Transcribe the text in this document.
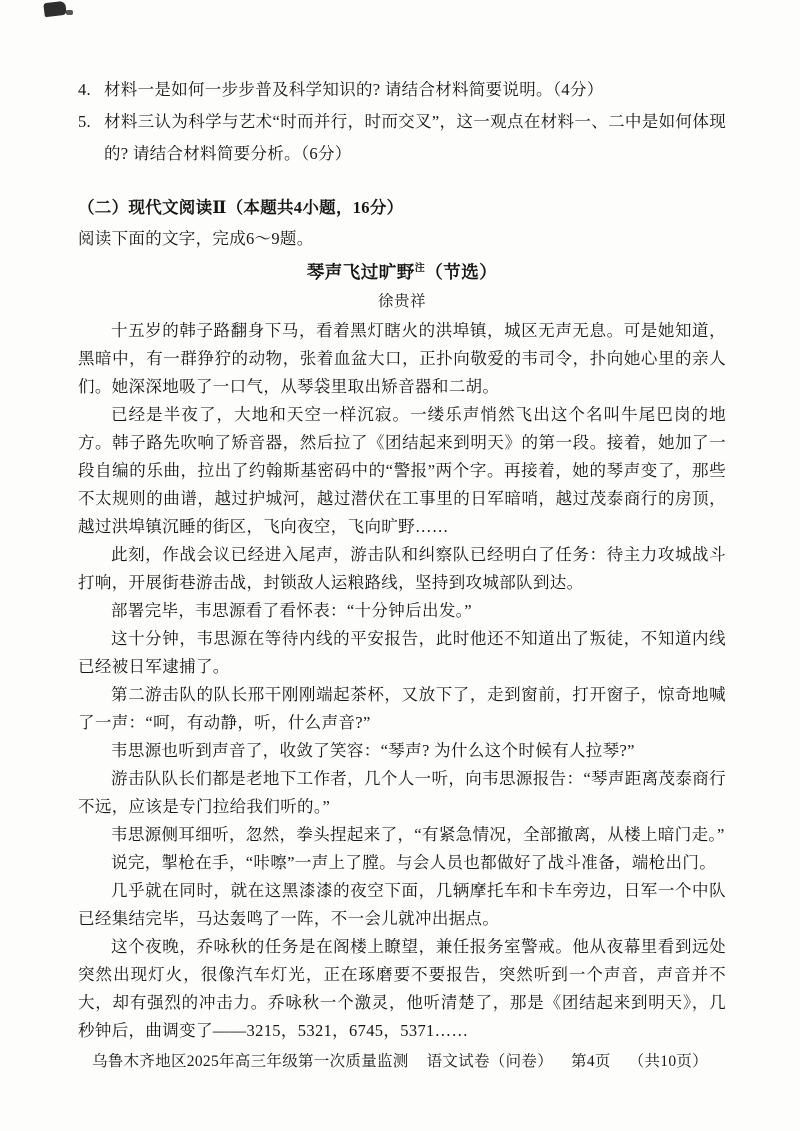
4. 材料一是如何一步步普及科学知识的? 请结合材料简要说明。（4分）
5. 材料三认为科学与艺术“时而并行，时而交叉”，这一观点在材料一、二中是如何体现的? 请结合材料简要分析。（6分）
（二）现代文阅读Ⅱ（本题共4小题，16分）
阅读下面的文字，完成6～9题。
琴声飞过旷野$^注$（节选）
徐贵祥

十五岁的韩子路翻身下马，看着黑灯瞎火的洪埠镇，城区无声无息。可是她知道，黑暗中，有一群狰狞的动物，张着血盆大口，正扑向敬爱的韦司令，扑向她心里的亲人们。她深深地吸了一口气，从琴袋里取出矫音器和二胡。

已经是半夜了，大地和天空一样沉寂。一缕乐声悄然飞出这个名叫牛尾巴岗的地方。韩子路先吹响了矫音器，然后拉了《团结起来到明天》的第一段。接着，她加了一段自编的乐曲，拉出了约翰斯基密码中的“警报”两个字。再接着，她的琴声变了，那些不太规则的曲谱，越过护城河，越过潜伏在工事里的日军暗哨，越过茂泰商行的房顶，越过洪埠镇沉睡的街区，飞向夜空，飞向旷野……

此刻，作战会议已经进入尾声，游击队和纠察队已经明白了任务：待主力攻城战斗打响，开展街巷游击战，封锁敌人运粮路线，坚持到攻城部队到达。

部署完毕，韦思源看了看怀表：“十分钟后出发。”

这十分钟，韦思源在等待内线的平安报告，此时他还不知道出了叛徒，不知道内线已经被日军逮捕了。

第二游击队的队长邢干刚刚端起茶杯，又放下了，走到窗前，打开窗子，惊奇地喊了一声：“呵，有动静，听，什么声音?”

韦思源也听到声音了，收敛了笑容：“琴声? 为什么这个时候有人拉琴?”

游击队队长们都是老地下工作者，几个人一听，向韦思源报告：“琴声距离茂泰商行不远，应该是专门拉给我们听的。”

韦思源侧耳细听，忽然，拳头捏起来了，“有紧急情况，全部撤离，从楼上暗门走。”

说完，掣枪在手，“咔嚓”一声上了膛。与会人员也都做好了战斗准备，端枪出门。

几乎就在同时，就在这黑漆漆的夜空下面，几辆摩托车和卡车旁边，日军一个中队已经集结完毕，马达轰鸣了一阵，不一会儿就冲出据点。

这个夜晚，乔咏秋的任务是在阁楼上瞭望，兼任报务室警戒。他从夜幕里看到远处突然出现灯火，很像汽车灯光，正在琢磨要不要报告，突然听到一个声音，声音并不大，却有强烈的冲击力。乔咏秋一个激灵，他听清楚了，那是《团结起来到明天》，几秒钟后，曲调变了——3215，5321，6745，5371……

乌鲁木齐地区2025年高三年级第一次质量监测 语文试卷（问卷） 第4页 （共10页）
